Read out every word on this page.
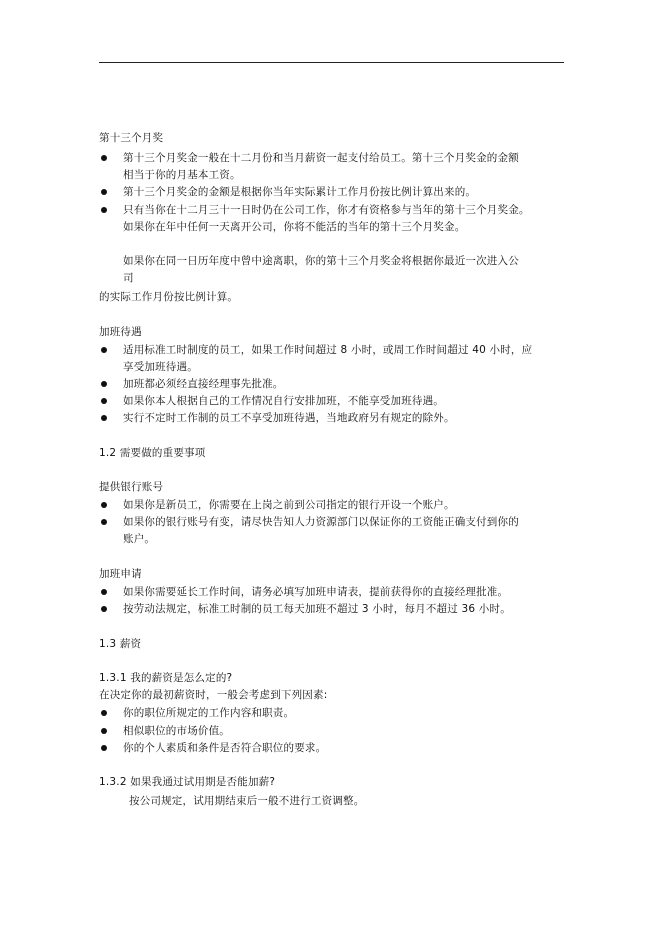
第十三个月奖
第十三个月奖金一般在十二月份和当月薪资一起支付给员工。第十三个月奖金的金额
相当于你的月基本工资。
第十三个月奖金的金额是根据你当年实际累计工作月份按比例计算出来的。
只有当你在十二月三十一日时仍在公司工作，你才有资格参与当年的第十三个月奖金。
如果你在年中任何一天离开公司，你将不能活的当年的第十三个月奖金。
如果你在同一日历年度中曾中途离职，你的第十三个月奖金将根据你最近一次进入公
司
的实际工作月份按比例计算。
加班待遇
适用标准工时制度的员工，如果工作时间超过 8 小时，或周工作时间超过 40 小时，应
享受加班待遇。
加班都必须经直接经理事先批准。
如果你本人根据自己的工作情况自行安排加班，不能享受加班待遇。
实行不定时工作制的员工不享受加班待遇，当地政府另有规定的除外。
1.2 需要做的重要事项
提供银行账号
如果你是新员工，你需要在上岗之前到公司指定的银行开设一个账户。
如果你的银行账号有变，请尽快告知人力资源部门以保证你的工资能正确支付到你的
账户。
加班申请
如果你需要延长工作时间，请务必填写加班申请表，提前获得你的直接经理批准。
按劳动法规定，标准工时制的员工每天加班不超过 3 小时，每月不超过 36 小时。
1.3 薪资
1.3.1 我的薪资是怎么定的?
在决定你的最初薪资时，一般会考虑到下列因素:
你的职位所规定的工作内容和职责。
相似职位的市场价值。
你的个人素质和条件是否符合职位的要求。
1.3.2 如果我通过试用期是否能加薪?
按公司规定，试用期结束后一般不进行工资调整。
